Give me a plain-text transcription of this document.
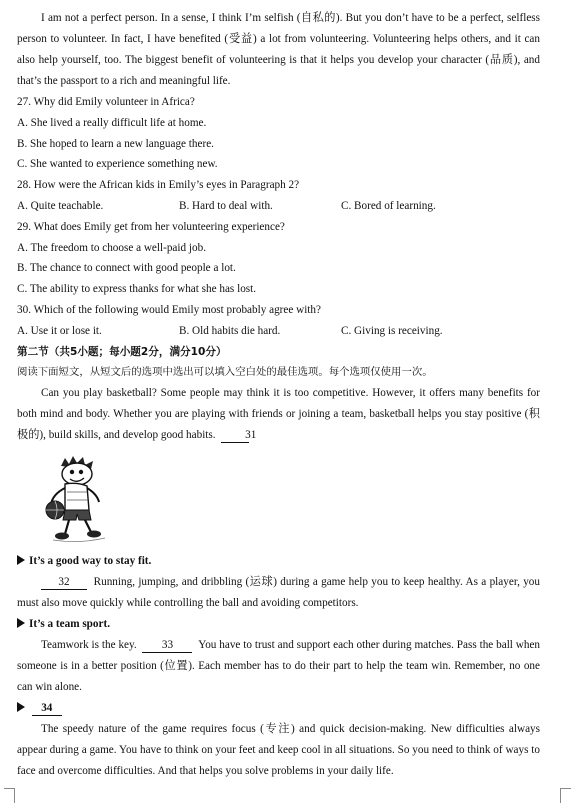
I am not a perfect person. In a sense, I think I’m selfish (自私的). But you don’t have to be a perfect, selfless person to volunteer. In fact, I have benefited (受益) a lot from volunteering. Volunteering helps others, and it can also help yourself, too. The biggest benefit of volunteering is that it helps you develop your character (品质), and that’s the passport to a rich and meaningful life.

27. Why did Emily volunteer in Africa?
A. She lived a really difficult life at home.
B. She hoped to learn a new language there.
C. She wanted to experience something new.
28. How were the African kids in Emily’s eyes in Paragraph 2?
A. Quite teachable.	B. Hard to deal with.	C. Bored of learning.
29. What does Emily get from her volunteering experience?
A. The freedom to choose a well-paid job.
B. The chance to connect with good people a lot.
C. The ability to express thanks for what she has lost.
30. Which of the following would Emily most probably agree with?
A. Use it or lose it.	B. Old habits die hard.	C. Giving is receiving.
第二节（共5小题；每小题2分，满分10分）
阅读下面短文，从短文后的选项中选出可以填入空白处的最佳选项。每个选项仅使用一次。

Can you play basketball? Some people may think it is too competitive. However, it offers many benefits for both mind and body. Whether you are playing with friends or joining a team, basketball helps you stay positive (积极的), build skills, and develop good habits.	31

It’s a good way to stay fit.

32 Running, jumping, and dribbling (运球) during a game help you to keep healthy. As a player, you must also move quickly while controlling the ball and avoiding competitors.

It’s a team sport.

Teamwork is the key. 33 You have to trust and support each other during matches. Pass the ball when someone is in a better position (位置). Each member has to do their part to help the team win. Remember, no one can win alone.

34

The speedy nature of the game requires focus (专注) and quick decision-making. New difficulties always appear during a game. You have to think on your feet and keep cool in all situations. So you need to think of ways to face and overcome difficulties. And that helps you solve problems in your daily life.
